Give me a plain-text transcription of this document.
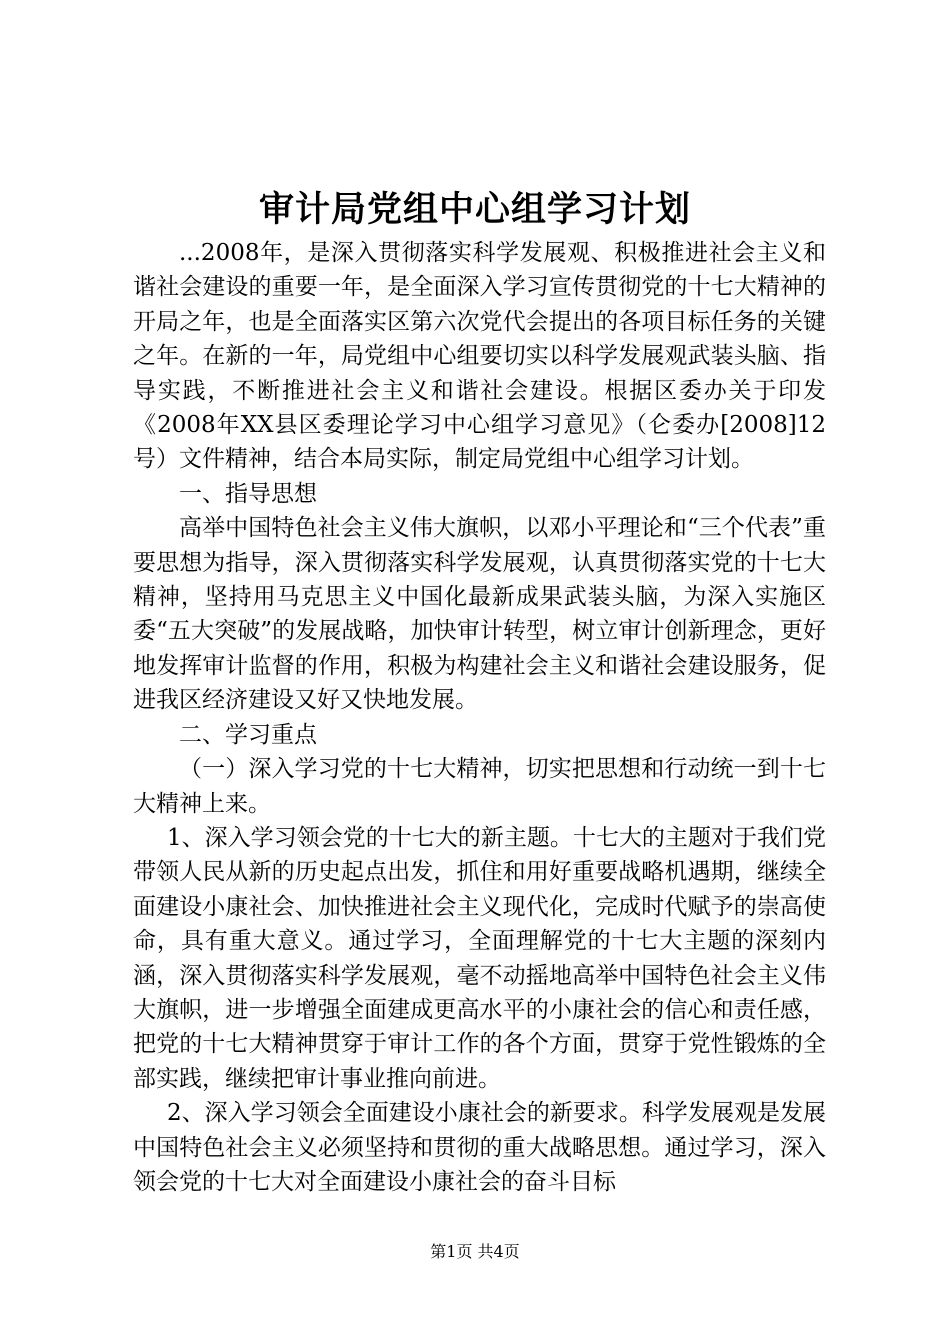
审计局党组中心组学习计划

...2008年，是深入贯彻落实科学发展观、积极推进社会主义和谐社会建设的重要一年，是全面深入学习宣传贯彻党的十七大精神的开局之年，也是全面落实区第六次党代会提出的各项目标任务的关键之年。在新的一年，局党组中心组要切实以科学发展观武装头脑、指导实践，不断推进社会主义和谐社会建设。根据区委办关于印发《2008年XX县区委理论学习中心组学习意见》（仑委办[2008]12号）文件精神，结合本局实际，制定局党组中心组学习计划。

一、指导思想

高举中国特色社会主义伟大旗帜，以邓小平理论和“三个代表”重要思想为指导，深入贯彻落实科学发展观，认真贯彻落实党的十七大精神，坚持用马克思主义中国化最新成果武装头脑，为深入实施区委“五大突破”的发展战略，加快审计转型，树立审计创新理念，更好地发挥审计监督的作用，积极为构建社会主义和谐社会建设服务，促进我区经济建设又好又快地发展。

二、学习重点

（一）深入学习党的十七大精神，切实把思想和行动统一到十七大精神上来。

1、深入学习领会党的十七大的新主题。十七大的主题对于我们党带领人民从新的历史起点出发，抓住和用好重要战略机遇期，继续全面建设小康社会、加快推进社会主义现代化，完成时代赋予的崇高使命，具有重大意义。通过学习，全面理解党的十七大主题的深刻内涵，深入贯彻落实科学发展观，毫不动摇地高举中国特色社会主义伟大旗帜，进一步增强全面建成更高水平的小康社会的信心和责任感，把党的十七大精神贯穿于审计工作的各个方面，贯穿于党性锻炼的全部实践，继续把审计事业推向前进。

2、深入学习领会全面建设小康社会的新要求。科学发展观是发展中国特色社会主义必须坚持和贯彻的重大战略思想。通过学习，深入领会党的十七大对全面建设小康社会的奋斗目标

第1页 共4页
